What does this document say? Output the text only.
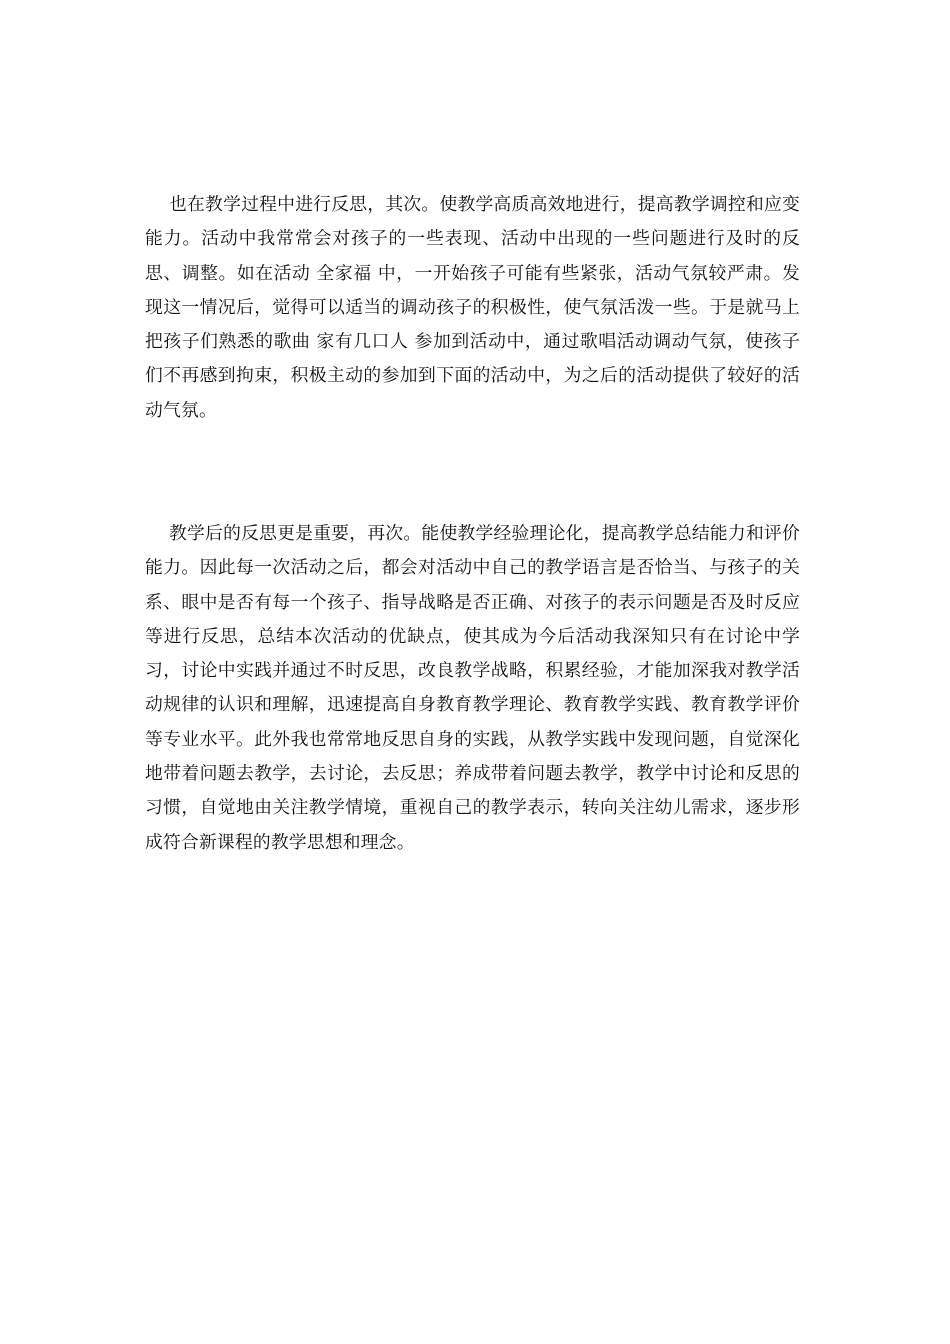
也在教学过程中进行反思，其次。使教学高质高效地进行，提高教学调控和应变能力。活动中我常常会对孩子的一些表现、活动中出现的一些问题进行及时的反思、调整。如在活动 全家福 中，一开始孩子可能有些紧张，活动气氛较严肃。发现这一情况后，觉得可以适当的调动孩子的积极性，使气氛活泼一些。于是就马上把孩子们熟悉的歌曲 家有几口人 参加到活动中，通过歌唱活动调动气氛，使孩子们不再感到拘束，积极主动的参加到下面的活动中，为之后的活动提供了较好的活动气氛。

教学后的反思更是重要，再次。能使教学经验理论化，提高教学总结能力和评价能力。因此每一次活动之后，都会对活动中自己的教学语言是否恰当、与孩子的关系、眼中是否有每一个孩子、指导战略是否正确、对孩子的表示问题是否及时反应等进行反思，总结本次活动的优缺点，使其成为今后活动我深知只有在讨论中学习，讨论中实践并通过不时反思，改良教学战略，积累经验，才能加深我对教学活动规律的认识和理解，迅速提高自身教育教学理论、教育教学实践、教育教学评价等专业水平。此外我也常常地反思自身的实践，从教学实践中发现问题，自觉深化地带着问题去教学，去讨论，去反思；养成带着问题去教学，教学中讨论和反思的习惯，自觉地由关注教学情境，重视自己的教学表示，转向关注幼儿需求，逐步形成符合新课程的教学思想和理念。
